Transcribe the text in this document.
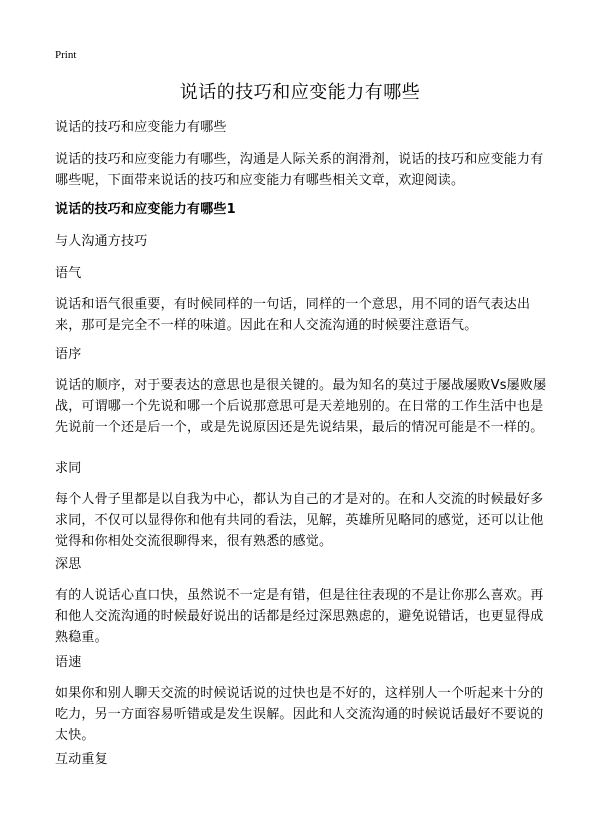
Print
说话的技巧和应变能力有哪些
说话的技巧和应变能力有哪些
说话的技巧和应变能力有哪些，沟通是人际关系的润滑剂，说话的技巧和应变能力有哪些呢，下面带来说话的技巧和应变能力有哪些相关文章，欢迎阅读。
说话的技巧和应变能力有哪些1
与人沟通方技巧
语气
说话和语气很重要，有时候同样的一句话，同样的一个意思，用不同的语气表达出来，那可是完全不一样的味道。因此在和人交流沟通的时候要注意语气。
语序
说话的顺序，对于要表达的意思也是很关键的。最为知名的莫过于屡战屡败Vs屡败屡战，可谓哪一个先说和哪一个后说那意思可是天差地别的。在日常的工作生活中也是先说前一个还是后一个，或是先说原因还是先说结果，最后的情况可能是不一样的。
求同
每个人骨子里都是以自我为中心，都认为自己的才是对的。在和人交流的时候最好多求同，不仅可以显得你和他有共同的看法，见解，英雄所见略同的感觉，还可以让他觉得和你相处交流很聊得来，很有熟悉的感觉。
深思
有的人说话心直口快，虽然说不一定是有错，但是往往表现的不是让你那么喜欢。再和他人交流沟通的时候最好说出的话都是经过深思熟虑的，避免说错话，也更显得成熟稳重。
语速
如果你和别人聊天交流的时候说话说的过快也是不好的，这样别人一个听起来十分的吃力，另一方面容易听错或是发生误解。因此和人交流沟通的时候说话最好不要说的太快。
互动重复
